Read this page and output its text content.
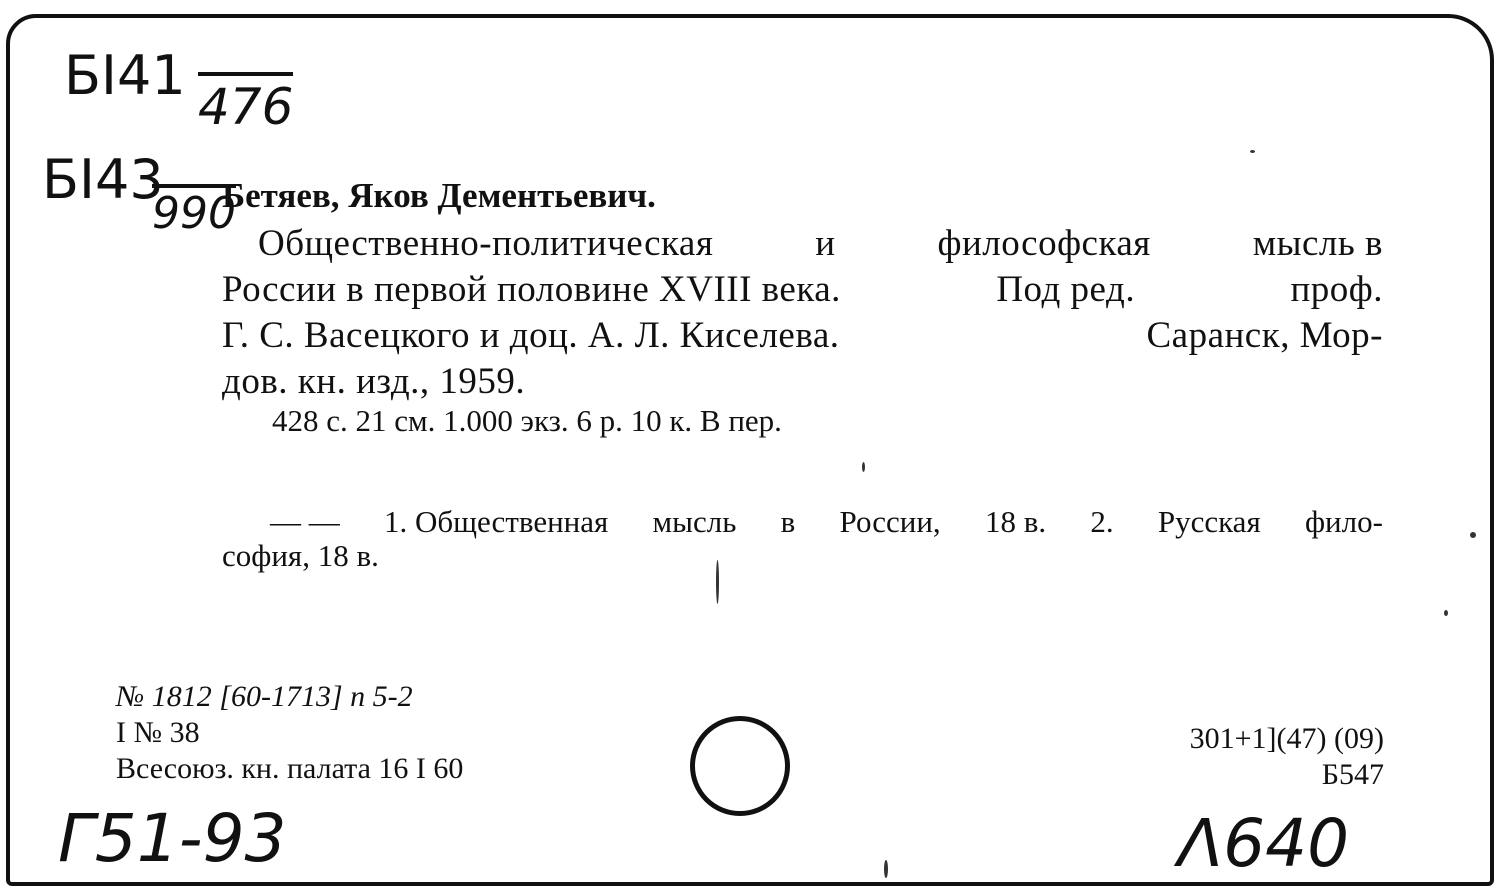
БI41 476
БI43
990
Бетяев, Яков Дементьевич.
Общественно-политическая	и	философская	мысль в
России в первой половине XVIII века.	Под ред.	проф.
Г. С. Васецкого и доц. А. Л. Киселева.	Саранск, Мор-
дов. кн. изд., 1959.
428 с. 21 см. 1.000 экз. 6 р. 10 к. В пер.
— — 1. Общественная мысль в России, 18 в. 2. Русская фило-
софия, 18 в.
№ 1812 [60-1713] п 5-2
I № 38
Всесоюз. кн. палата 16 I 60
301+1](47) (09)
Б547
Г51-93	Λ640
